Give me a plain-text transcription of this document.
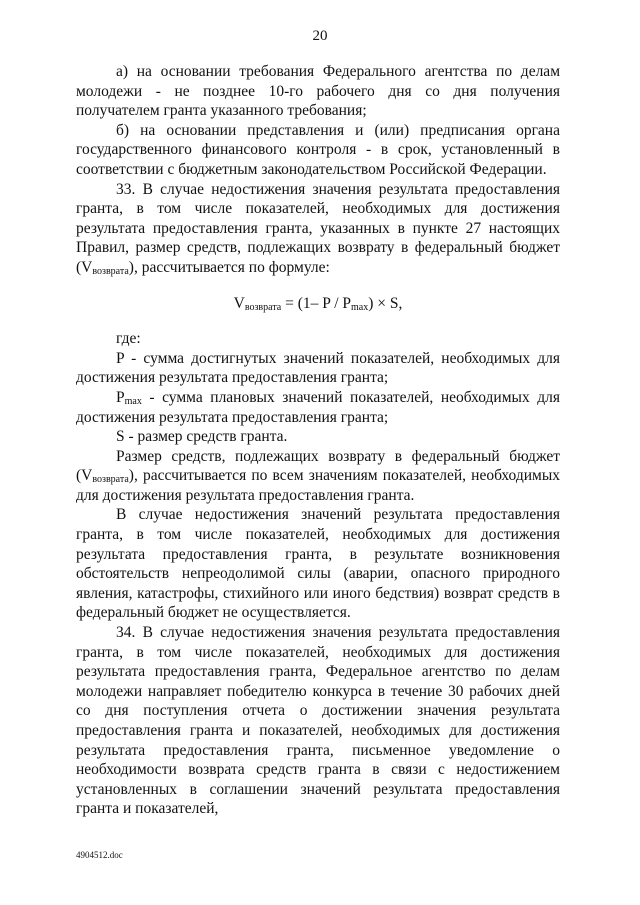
20

а) на основании требования Федерального агентства по делам молодежи - не позднее 10-го рабочего дня со дня получения получателем гранта указанного требования;

б) на основании представления и (или) предписания органа государственного финансового контроля - в срок, установленный в соответствии с бюджетным законодательством Российской Федерации.

33. В случае недостижения значения результата предоставления гранта, в том числе показателей, необходимых для достижения результата предоставления гранта, указанных в пункте 27 настоящих Правил, размер средств, подлежащих возврату в федеральный бюджет $(V_{возврата})$, рассчитывается по формуле:

$V_{возврата} = (1-$ $P / P_{max}) \times S$,

где:

P - сумма достигнутых значений показателей, необходимых для достижения результата предоставления гранта;

$P_{max}$ - сумма плановых значений показателей, необходимых для достижения результата предоставления гранта;

S - размер средств гранта.

Размер средств, подлежащих возврату в федеральный бюджет $(V_{возврата})$, рассчитывается по всем значениям показателей, необходимых для достижения результата предоставления гранта.

В случае недостижения значений результата предоставления гранта, в том числе показателей, необходимых для достижения результата предоставления гранта, в результате возникновения обстоятельств непреодолимой силы (аварии, опасного природного явления, катастрофы, стихийного или иного бедствия) возврат средств в федеральный бюджет не осуществляется.

34. В случае недостижения значения результата предоставления гранта, в том числе показателей, необходимых для достижения результата предоставления гранта, Федеральное агентство по делам молодежи направляет победителю конкурса в течение 30 рабочих дней со дня поступления отчета о достижении значения результата предоставления гранта и показателей, необходимых для достижения результата предоставления гранта, письменное уведомление о необходимости возврата средств гранта в связи с недостижением установленных в соглашении значений результата предоставления гранта и показателей,

4904512.doc
